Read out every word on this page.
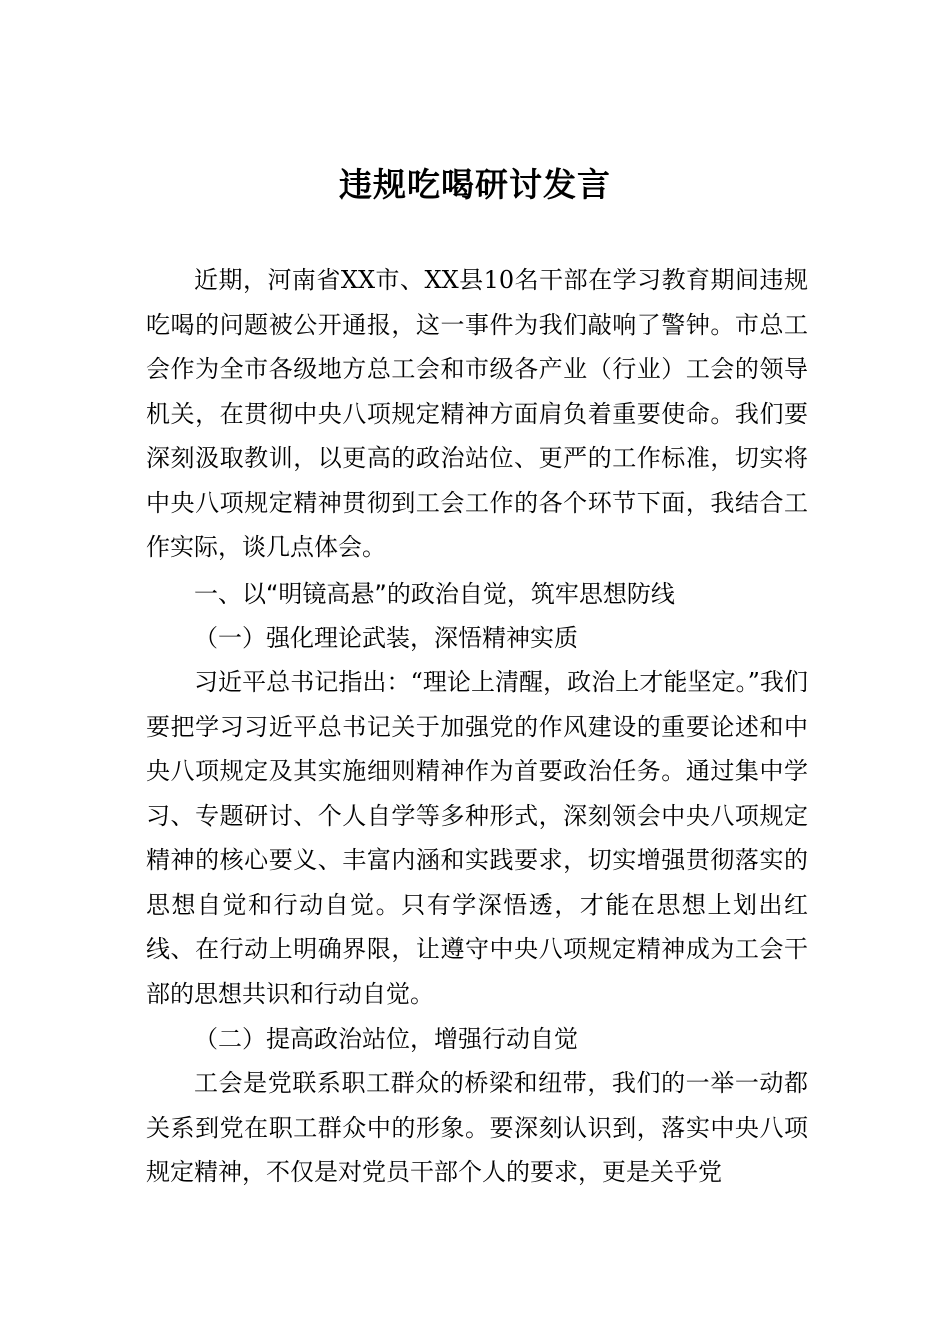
违规吃喝研讨发言

近期，河南省XX市、XX县10名干部在学习教育期间违规吃喝的问题被公开通报，这一事件为我们敲响了警钟。市总工会作为全市各级地方总工会和市级各产业（行业）工会的领导机关，在贯彻中央八项规定精神方面肩负着重要使命。我们要深刻汲取教训，以更高的政治站位、更严的工作标准，切实将中央八项规定精神贯彻到工会工作的各个环节下面，我结合工作实际，谈几点体会。

一、以“明镜高悬”的政治自觉，筑牢思想防线

（一）强化理论武装，深悟精神实质

习近平总书记指出：“理论上清醒，政治上才能坚定。”我们要把学习习近平总书记关于加强党的作风建设的重要论述和中央八项规定及其实施细则精神作为首要政治任务。通过集中学习、专题研讨、个人自学等多种形式，深刻领会中央八项规定精神的核心要义、丰富内涵和实践要求，切实增强贯彻落实的思想自觉和行动自觉。只有学深悟透，才能在思想上划出红线、在行动上明确界限，让遵守中央八项规定精神成为工会干部的思想共识和行动自觉。

（二）提高政治站位，增强行动自觉

工会是党联系职工群众的桥梁和纽带，我们的一举一动都关系到党在职工群众中的形象。要深刻认识到，落实中央八项规定精神，不仅是对党员干部个人的要求，更是关乎党
